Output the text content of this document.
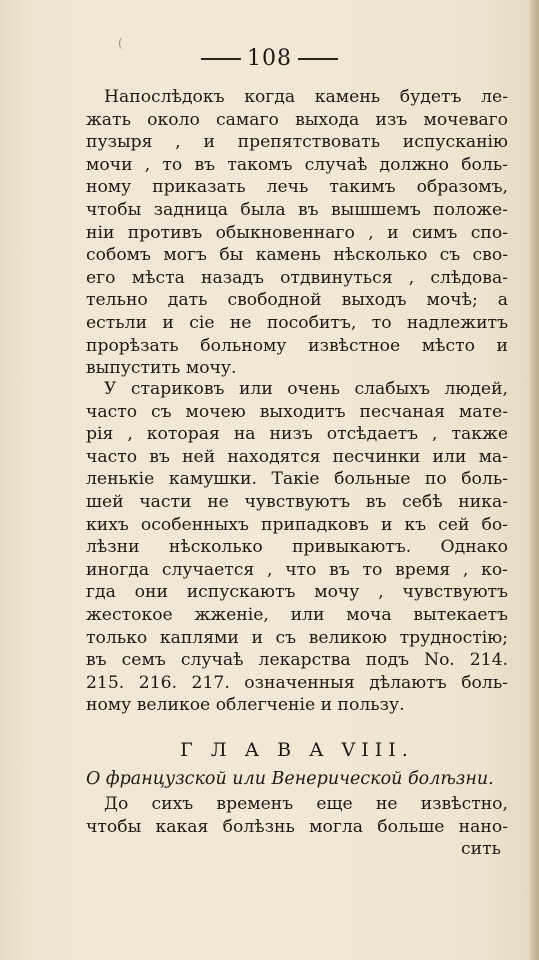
(
108
Напослѣдокъ когда камень будетъ ле-
жать около самаго выхода изъ мочеваго
пузыря , и препятствовать испусканію
мочи , то въ такомъ случаѣ должно боль-
ному приказать лечь такимъ образомъ,
чтобы задница была въ вышшемъ положе-
ніи противъ обыкновеннаго , и симъ спо-
собомъ могъ бы камень нѣсколько съ сво-
его мѣста назадъ отдвинуться , слѣдова-
тельно дать свободной выходъ мочѣ; а
естьли и сіе не пособитъ, то надлежитъ
прорѣзать больному извѣстное мѣсто и
выпустить мочу.
У стариковъ или очень слабыхъ людей,
часто съ мочею выходитъ песчаная мате-
рія , которая на низъ отсѣдаетъ , также
часто въ ней находятся песчинки или ма-
ленькіе камушки. Такіе больные по боль-
шей части не чувствуютъ въ себѣ ника-
кихъ особенныхъ припадковъ и къ сей бо-
лѣзни нѣсколько привыкаютъ. Однако
иногда случается , что въ то время , ко-
гда они испускаютъ мочу , чувствуютъ
жестокое жженіе, или моча вытекаетъ
только каплями и съ великою трудностію;
въ семъ случаѣ лекарства подъ No. 214.
215. 216. 217. означенныя дѣлаютъ боль-
ному великое облегченіе и пользу.
Г Л А В А VIII.
О французской или Венерической болѣзни.
До сихъ временъ еще не извѣстно,
чтобы какая болѣзнь могла больше нано-
сить
